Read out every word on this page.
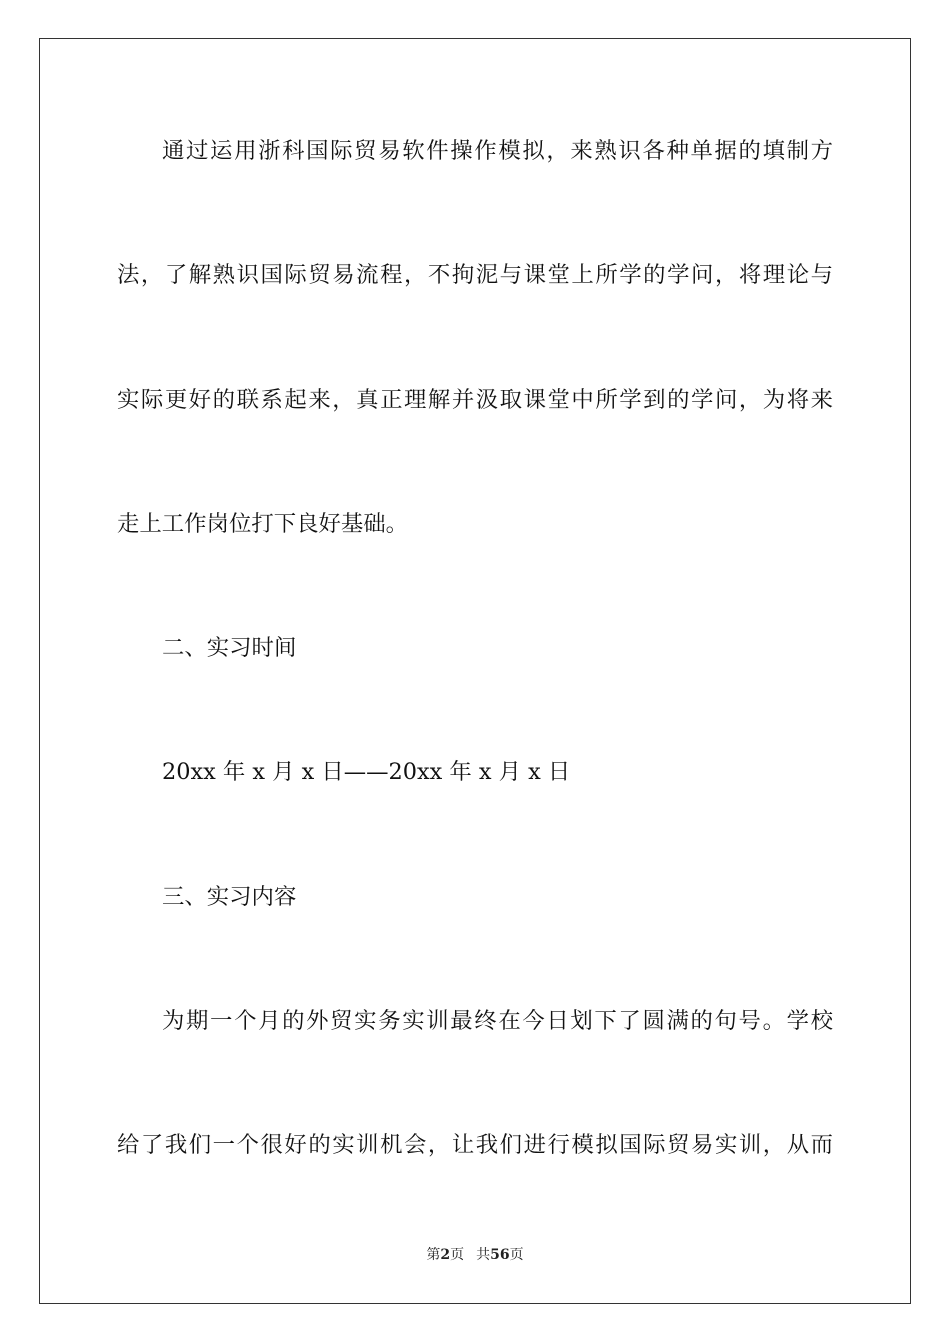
通过运用浙科国际贸易软件操作模拟，来熟识各种单据的填制方
法，了解熟识国际贸易流程，不拘泥与课堂上所学的学问，将理论与
实际更好的联系起来，真正理解并汲取课堂中所学到的学问，为将来
走上工作岗位打下良好基础。
二、实习时间
20xx 年 x 月 x 日——20xx 年 x 月 x 日
三、实习内容
为期一个月的外贸实务实训最终在今日划下了圆满的句号。学校
给了我们一个很好的实训机会，让我们进行模拟国际贸易实训，从而
第2页 共56页
